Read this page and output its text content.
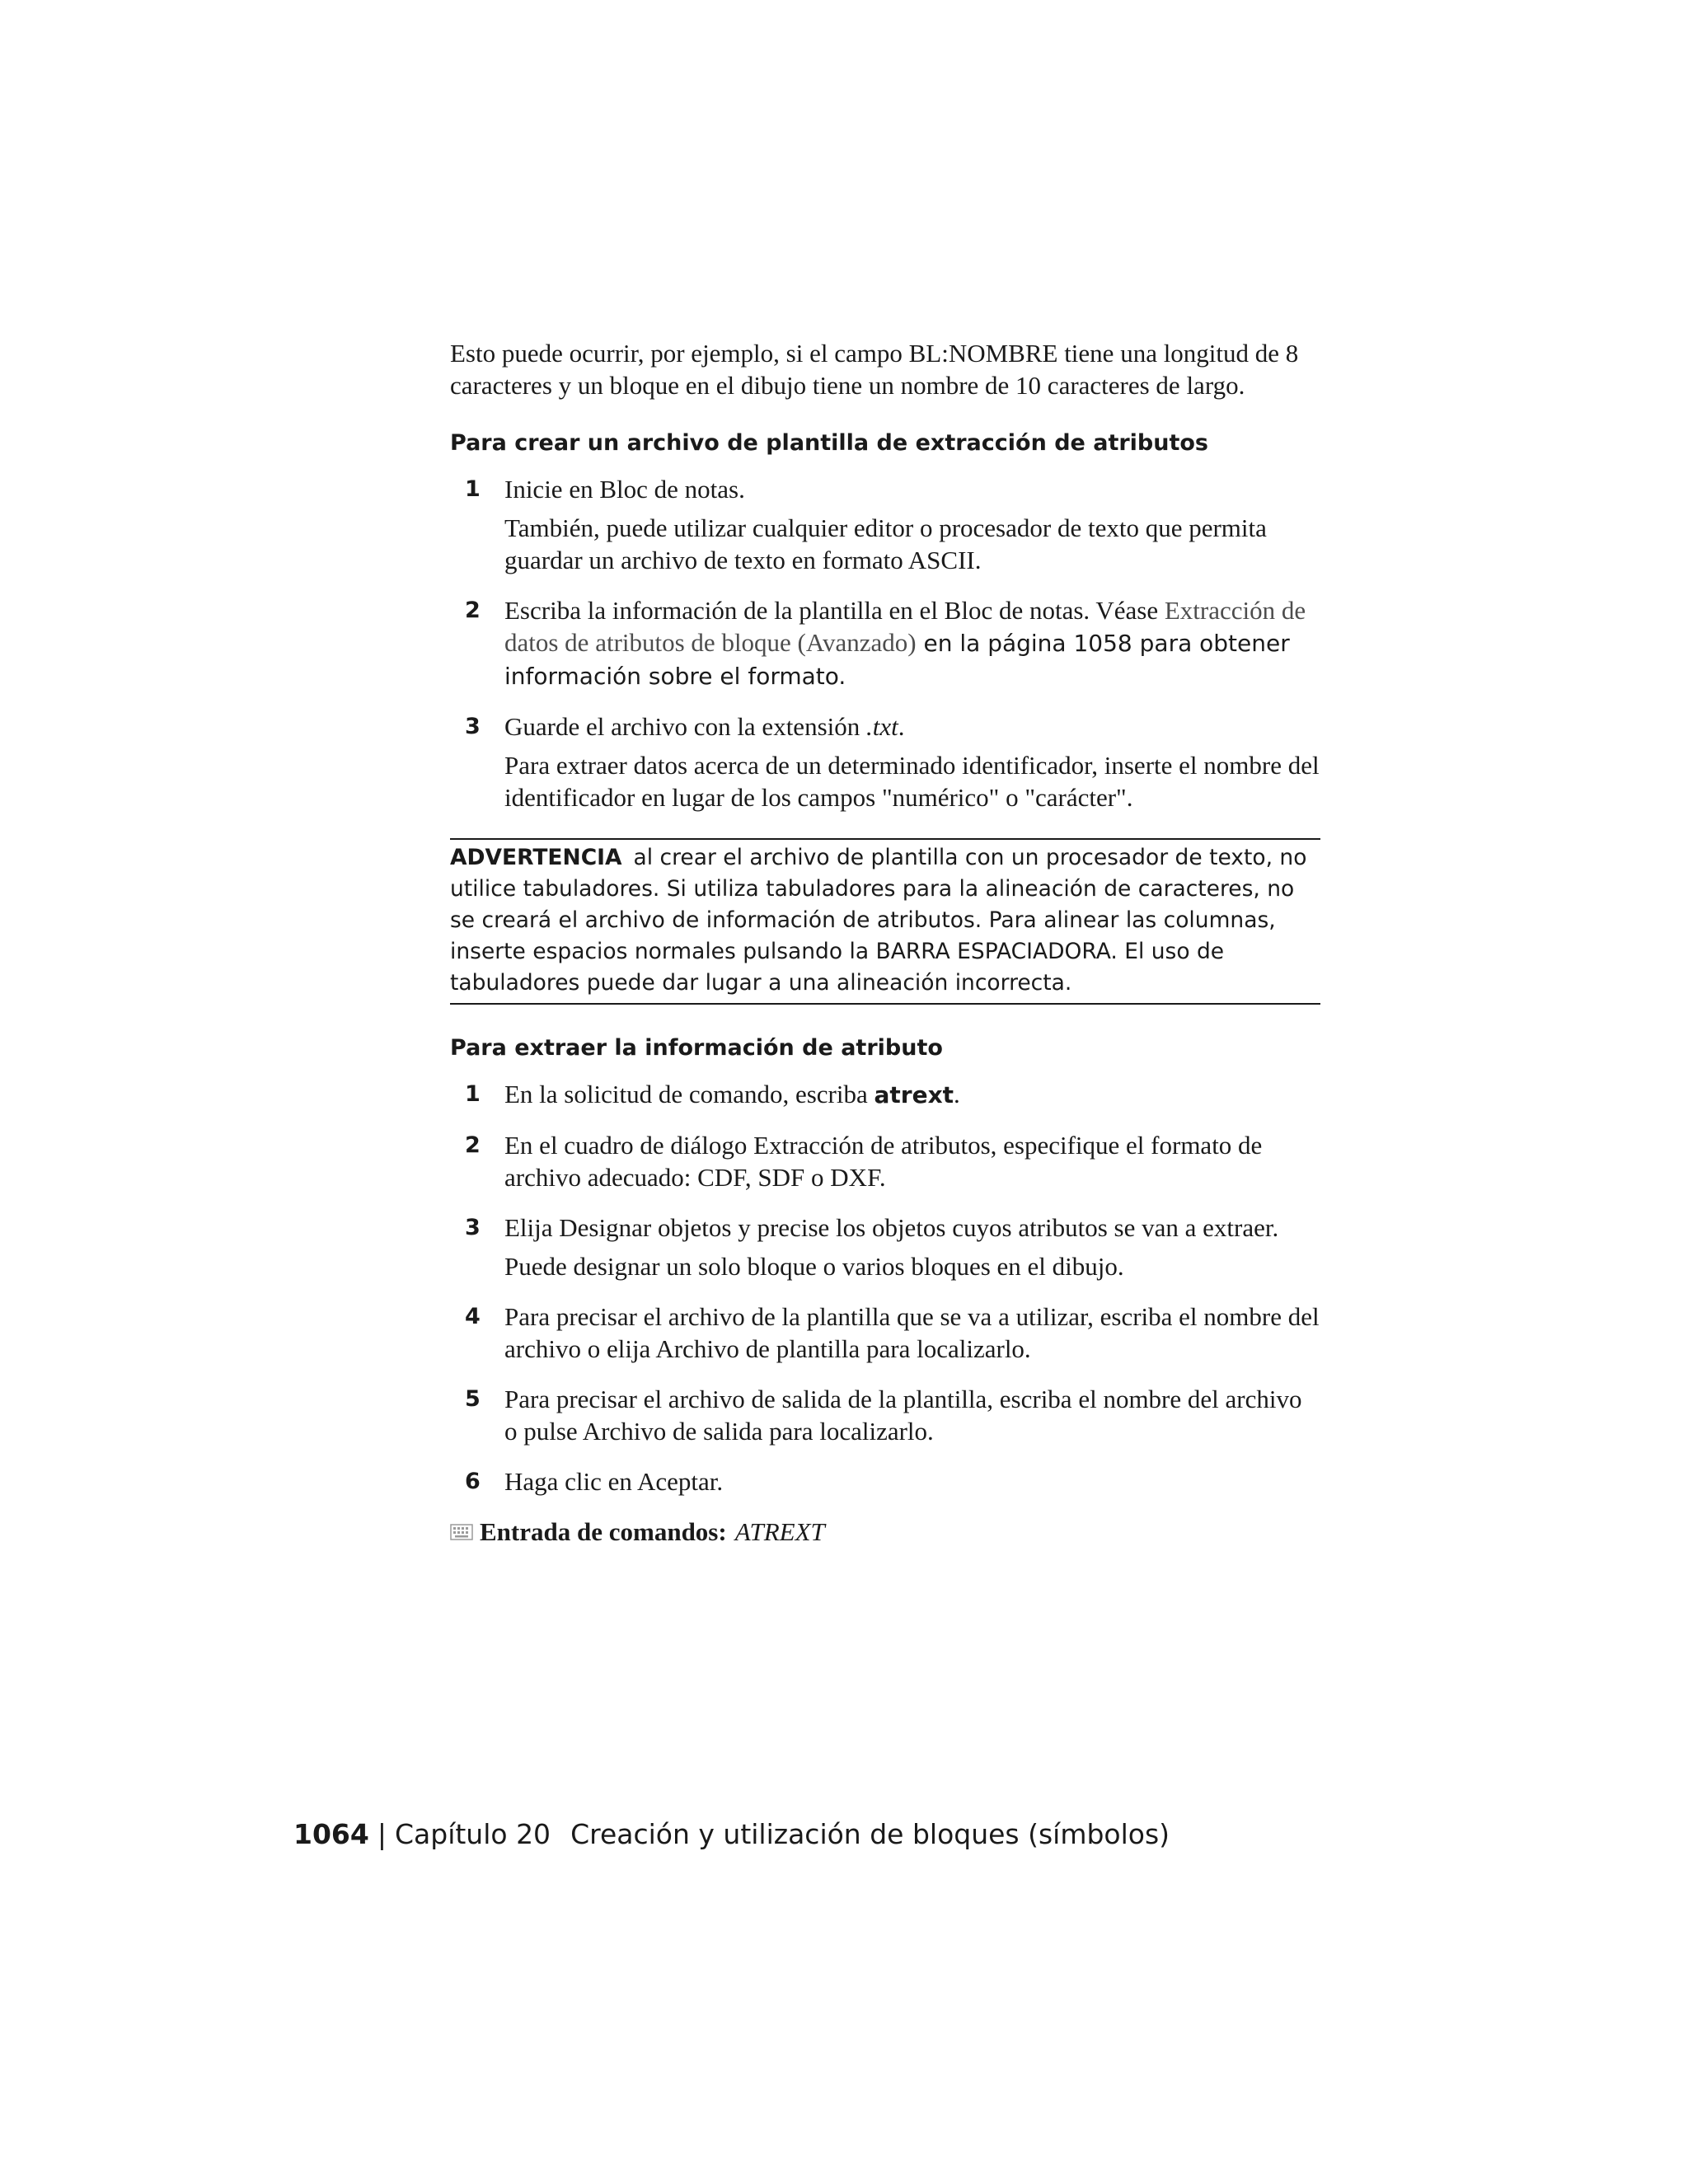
Esto puede ocurrir, por ejemplo, si el campo BL:NOMBRE tiene una longitud de 8 caracteres y un bloque en el dibujo tiene un nombre de 10 caracteres de largo.

Para crear un archivo de plantilla de extracción de atributos
1 Inicie en Bloc de notas.

También, puede utilizar cualquier editor o procesador de texto que permita guardar un archivo de texto en formato ASCII.

2 Escriba la información de la plantilla en el Bloc de notas. Véase Extracción de datos de atributos de bloque (Avanzado) en la página 1058 para obtener información sobre el formato.

3 Guarde el archivo con la extensión .txt.

Para extraer datos acerca de un determinado identificador, inserte el nombre del identificador en lugar de los campos "numérico" o "carácter".

ADVERTENCIA al crear el archivo de plantilla con un procesador de texto, no utilice tabuladores. Si utiliza tabuladores para la alineación de caracteres, no se creará el archivo de información de atributos. Para alinear las columnas, inserte espacios normales pulsando la BARRA ESPACIADORA. El uso de tabuladores puede dar lugar a una alineación incorrecta.
Para extraer la información de atributo
1 En la solicitud de comando, escriba atrext.

2 En el cuadro de diálogo Extracción de atributos, especifique el formato de archivo adecuado: CDF, SDF o DXF.

3 Elija Designar objetos y precise los objetos cuyos atributos se van a extraer.

Puede designar un solo bloque o varios bloques en el dibujo.

4 Para precisar el archivo de la plantilla que se va a utilizar, escriba el nombre del archivo o elija Archivo de plantilla para localizarlo.

5 Para precisar el archivo de salida de la plantilla, escriba el nombre del archivo o pulse Archivo de salida para localizarlo.

6 Haga clic en Aceptar.

Entrada de comandos: ATREXT
1064 | Capítulo 20 Creación y utilización de bloques (símbolos)
